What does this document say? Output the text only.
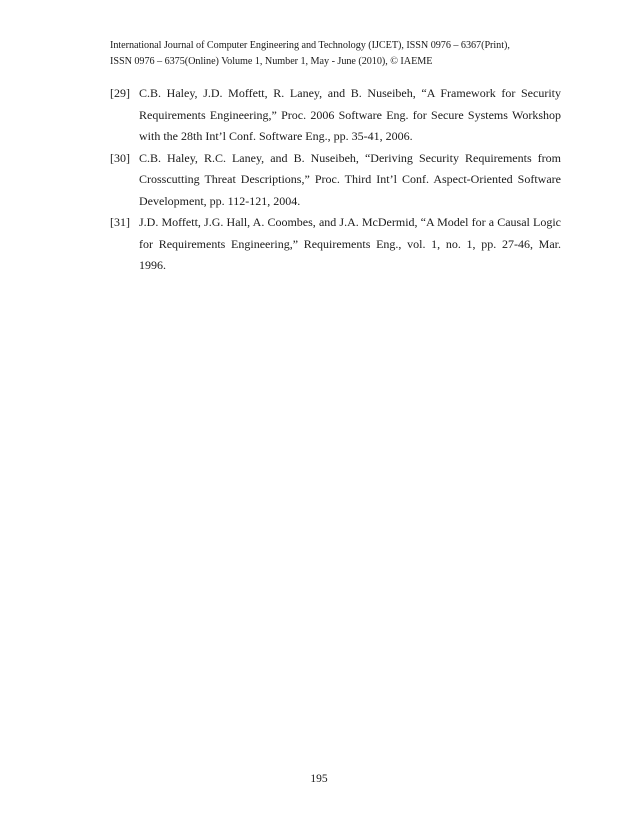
International Journal of Computer Engineering and Technology (IJCET), ISSN 0976 – 6367(Print),
ISSN 0976 – 6375(Online) Volume 1, Number 1, May - June (2010), © IAEME
[29] C.B. Haley, J.D. Moffett, R. Laney, and B. Nuseibeh, “A Framework for Security Requirements Engineering,” Proc. 2006 Software Eng. for Secure Systems Workshop with the 28th Int’l Conf. Software Eng., pp. 35-41, 2006.
[30] C.B. Haley, R.C. Laney, and B. Nuseibeh, “Deriving Security Requirements from Crosscutting Threat Descriptions,” Proc. Third Int’l Conf. Aspect-Oriented Software Development, pp. 112-121, 2004.
[31] J.D. Moffett, J.G. Hall, A. Coombes, and J.A. McDermid, “A Model for a Causal Logic for Requirements Engineering,” Requirements Eng., vol. 1, no. 1, pp. 27-46, Mar. 1996.
195
